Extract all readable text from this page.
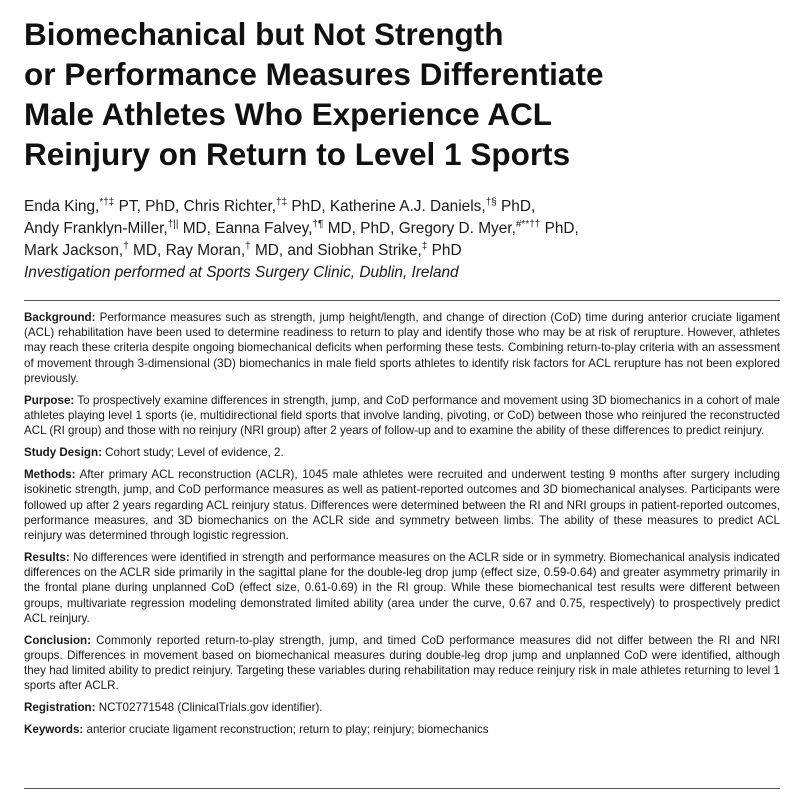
Biomechanical but Not Strength
or Performance Measures Differentiate
Male Athletes Who Experience ACL
Reinjury on Return to Level 1 Sports
Enda King,*†‡ PT, PhD, Chris Richter,†‡ PhD, Katherine A.J. Daniels,†§ PhD,
Andy Franklyn-Miller,†|| MD, Eanna Falvey,†¶ MD, PhD, Gregory D. Myer,#**†† PhD,
Mark Jackson,† MD, Ray Moran,† MD, and Siobhan Strike,‡ PhD
Investigation performed at Sports Surgery Clinic, Dublin, Ireland

Background: Performance measures such as strength, jump height/length, and change of direction (CoD) time during anterior cruciate ligament (ACL) rehabilitation have been used to determine readiness to return to play and identify those who may be at risk of rerupture. However, athletes may reach these criteria despite ongoing biomechanical deficits when performing these tests. Combining return-to-play criteria with an assessment of movement through 3-dimensional (3D) biomechanics in male field sports athletes to identify risk factors for ACL rerupture has not been explored previously.

Purpose: To prospectively examine differences in strength, jump, and CoD performance and movement using 3D biomechanics in a cohort of male athletes playing level 1 sports (ie, multidirectional field sports that involve landing, pivoting, or CoD) between those who reinjured the reconstructed ACL (RI group) and those with no reinjury (NRI group) after 2 years of follow-up and to examine the ability of these differences to predict reinjury.

Study Design: Cohort study; Level of evidence, 2.

Methods: After primary ACL reconstruction (ACLR), 1045 male athletes were recruited and underwent testing 9 months after surgery including isokinetic strength, jump, and CoD performance measures as well as patient-reported outcomes and 3D biomechanical analyses. Participants were followed up after 2 years regarding ACL reinjury status. Differences were determined between the RI and NRI groups in patient-reported outcomes, performance measures, and 3D biomechanics on the ACLR side and symmetry between limbs. The ability of these measures to predict ACL reinjury was determined through logistic regression.

Results: No differences were identified in strength and performance measures on the ACLR side or in symmetry. Biomechanical analysis indicated differences on the ACLR side primarily in the sagittal plane for the double-leg drop jump (effect size, 0.59-0.64) and greater asymmetry primarily in the frontal plane during unplanned CoD (effect size, 0.61-0.69) in the RI group. While these biomechanical test results were different between groups, multivariate regression modeling demonstrated limited ability (area under the curve, 0.67 and 0.75, respectively) to prospectively predict ACL reinjury.

Conclusion: Commonly reported return-to-play strength, jump, and timed CoD performance measures did not differ between the RI and NRI groups. Differences in movement based on biomechanical measures during double-leg drop jump and unplanned CoD were identified, although they had limited ability to predict reinjury. Targeting these variables during rehabilitation may reduce reinjury risk in male athletes returning to level 1 sports after ACLR.

Registration: NCT02771548 (ClinicalTrials.gov identifier).

Keywords: anterior cruciate ligament reconstruction; return to play; reinjury; biomechanics
